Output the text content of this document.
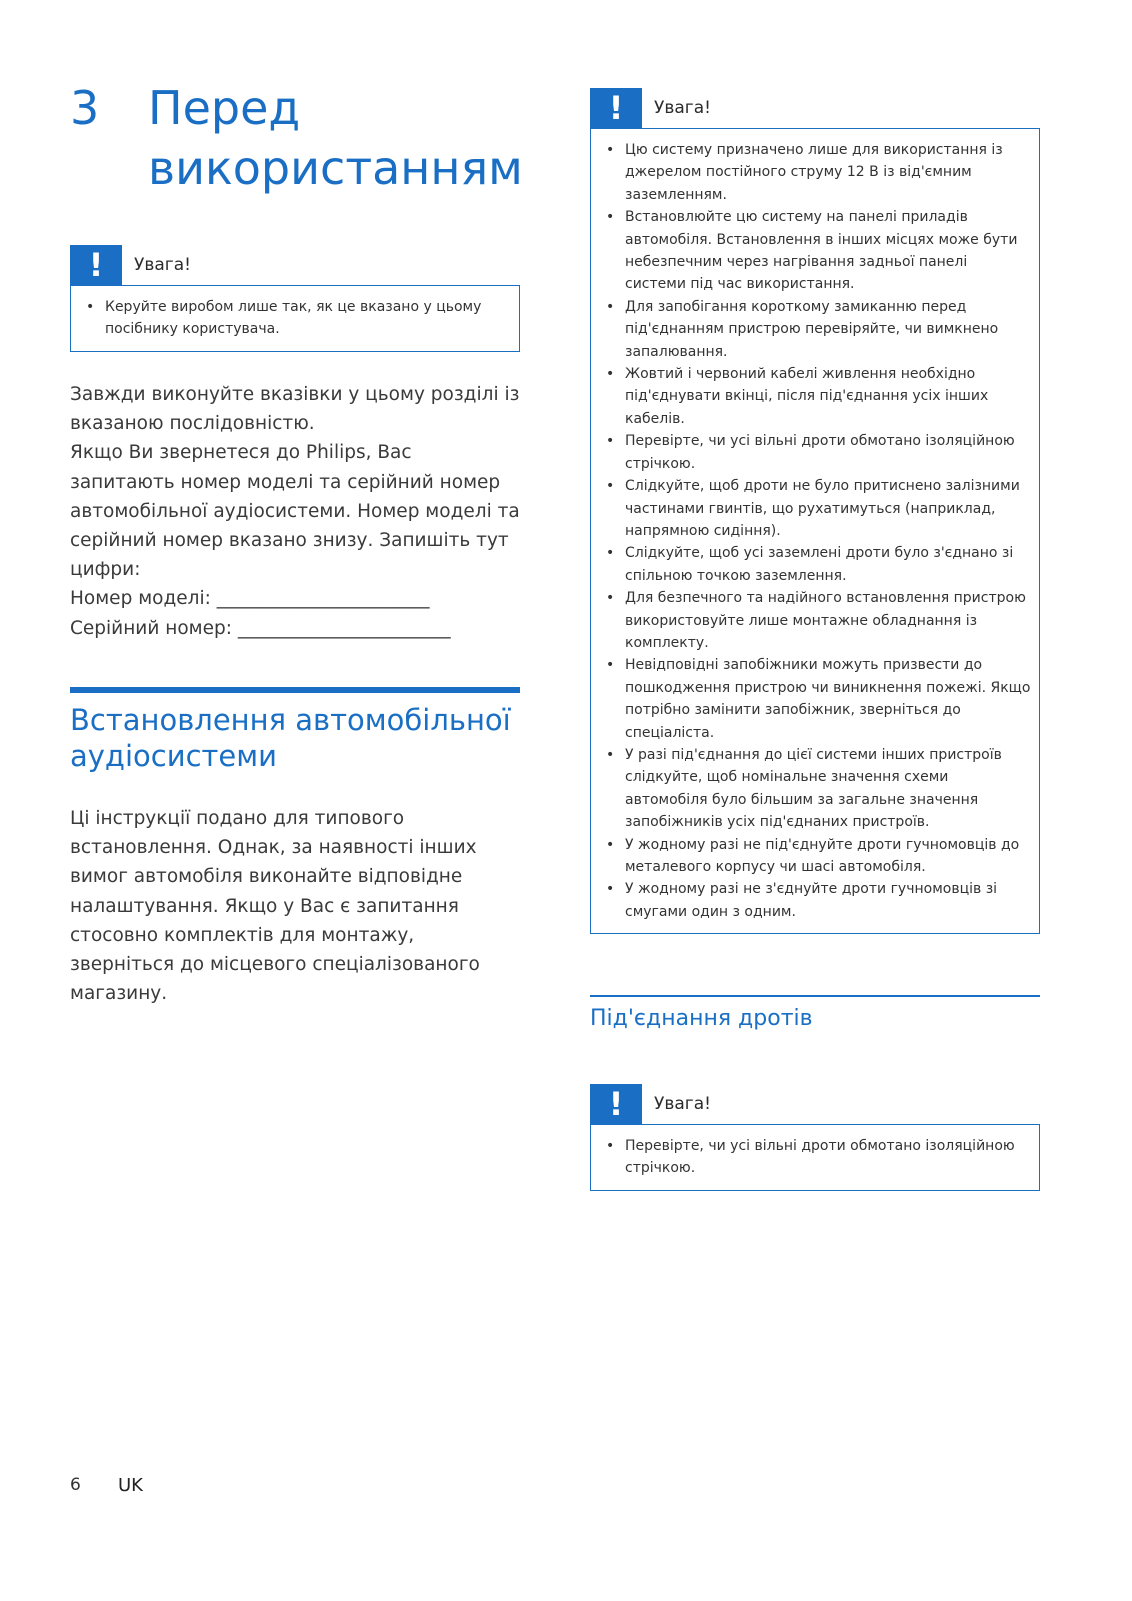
3 Перед використанням
!	Увага!
• Керуйте виробом лише так, як це вказано у цьому посібнику користувача.

Завжди виконуйте вказівки у цьому розділі із вказаною послідовністю.

Якщо Ви звернетеся до Philips, Вас запитають номер моделі та серійний номер автомобільної аудіосистеми. Номер моделі та серійний номер вказано знизу. Запишіть тут цифри:

Номер моделі: _______________________

Серійний номер: _______________________

Встановлення автомобільної аудіосистеми

Ці інструкції подано для типового встановлення. Однак, за наявності інших вимог автомобіля виконайте відповідне налаштування. Якщо у Вас є запитання стосовно комплектів для монтажу, зверніться до місцевого спеціалізованого магазину.

!	Увага!
• Цю систему призначено лише для використання із джерелом постійного струму 12 В із від'ємним заземленням.
• Встановлюйте цю систему на панелі приладів автомобіля. Встановлення в інших місцях може бути небезпечним через нагрівання задньої панелі системи під час використання.
• Для запобігання короткому замиканню перед під'єднанням пристрою перевіряйте, чи вимкнено запалювання.
• Жовтий і червоний кабелі живлення необхідно під'єднувати вкінці, після під'єднання усіх інших кабелів.
• Перевірте, чи усі вільні дроти обмотано ізоляційною стрічкою.
• Слідкуйте, щоб дроти не було притиснено залізними частинами гвинтів, що рухатимуться (наприклад, напрямною сидіння).
• Слідкуйте, щоб усі заземлені дроти було з'єднано зі спільною точкою заземлення.
• Для безпечного та надійного встановлення пристрою використовуйте лише монтажне обладнання із комплекту.
• Невідповідні запобіжники можуть призвести до пошкодження пристрою чи виникнення пожежі. Якщо потрібно замінити запобіжник, зверніться до спеціаліста.
• У разі під'єднання до цієї системи інших пристроїв слідкуйте, щоб номінальне значення схеми автомобіля було більшим за загальне значення запобіжників усіх під'єднаних пристроїв.
• У жодному разі не під'єднуйте дроти гучномовців до металевого корпусу чи шасі автомобіля.
• У жодному разі не з'єднуйте дроти гучномовців зі смугами один з одним.
Під'єднання дротів
!	Увага!
• Перевірте, чи усі вільні дроти обмотано ізоляційною стрічкою.
6 UK
